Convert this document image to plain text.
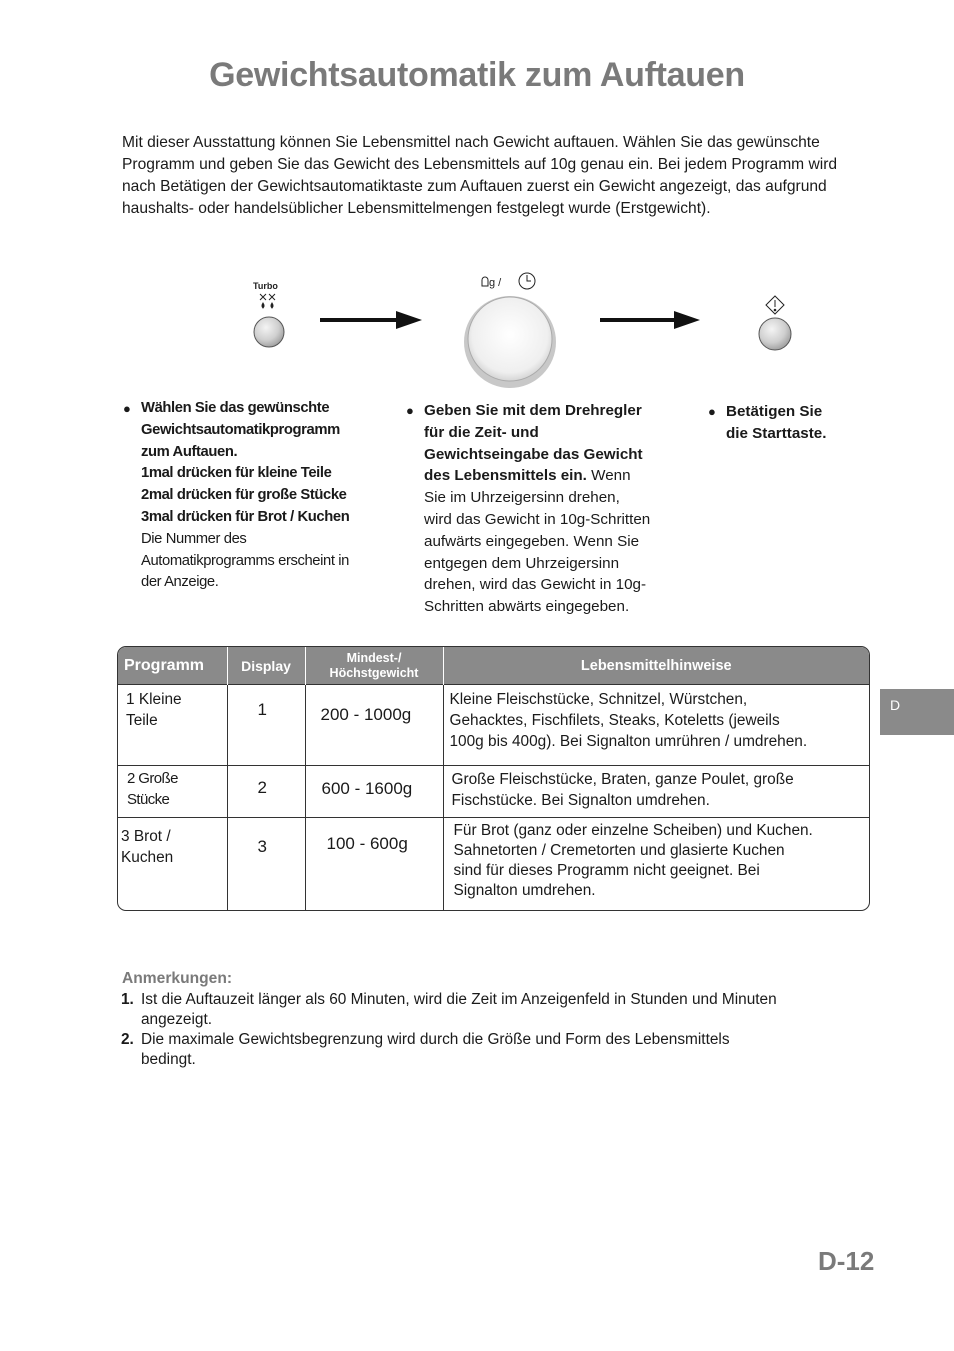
Gewichtsautomatik zum Auftauen
Mit dieser Ausstattung können Sie Lebensmittel nach Gewicht auftauen. Wählen Sie das gewünschte Programm und geben Sie das Gewicht des Lebensmittels auf 10g genau ein. Bei jedem Programm wird nach Betätigen der Gewichtsautomatiktaste zum Auftauen zuerst ein Gewicht angezeigt, das aufgrund haushalts- oder handelsüblicher Lebensmittelmengen festgelegt wurde (Erstgewicht).
Turbo	g /
● Wählen Sie das gewünschte
Gewichtsautomatikprogramm
zum Auftauen.
1mal drücken für kleine Teile
2mal drücken für große Stücke
3mal drücken für Brot / Kuchen
Die Nummer des
Automatikprogramms erscheint in
der Anzeige.
● Geben Sie mit dem Drehregler
für die Zeit- und
Gewichtseingabe das Gewicht
des Lebensmittels ein. Wenn
Sie im Uhrzeigersinn drehen,
wird das Gewicht in 10g-Schritten
aufwärts eingegeben. Wenn Sie
entgegen dem Uhrzeigersinn
drehen, wird das Gewicht in 10g-
Schritten abwärts eingegeben.
● Betätigen Sie
die Starttaste.
Programm	Display	Mindest-/
Höchstgewicht	Lebensmittelhinweise
1 Kleine
Teile	1	200 - 1000g	Kleine Fleischstücke, Schnitzel, Würstchen,
Gehacktes, Fischfilets, Steaks, Koteletts (jeweils
100g bis 400g). Bei Signalton umrühren / umdrehen.
2 Große
Stücke	2	600 - 1600g	Große Fleischstücke, Braten, ganze Poulet, große
Fischstücke. Bei Signalton umdrehen.
3 Brot /
Kuchen	3	100 - 600g	Für Brot (ganz oder einzelne Scheiben) und Kuchen.
Sahnetorten / Cremetorten und glasierte Kuchen
sind für dieses Programm nicht geeignet. Bei
Signalton umdrehen.
D
Anmerkungen:
1. Ist die Auftauzeit länger als 60 Minuten, wird die Zeit im Anzeigenfeld in Stunden und Minuten
angezeigt.
2. Die maximale Gewichtsbegrenzung wird durch die Größe und Form des Lebensmittels
bedingt.
D-12
